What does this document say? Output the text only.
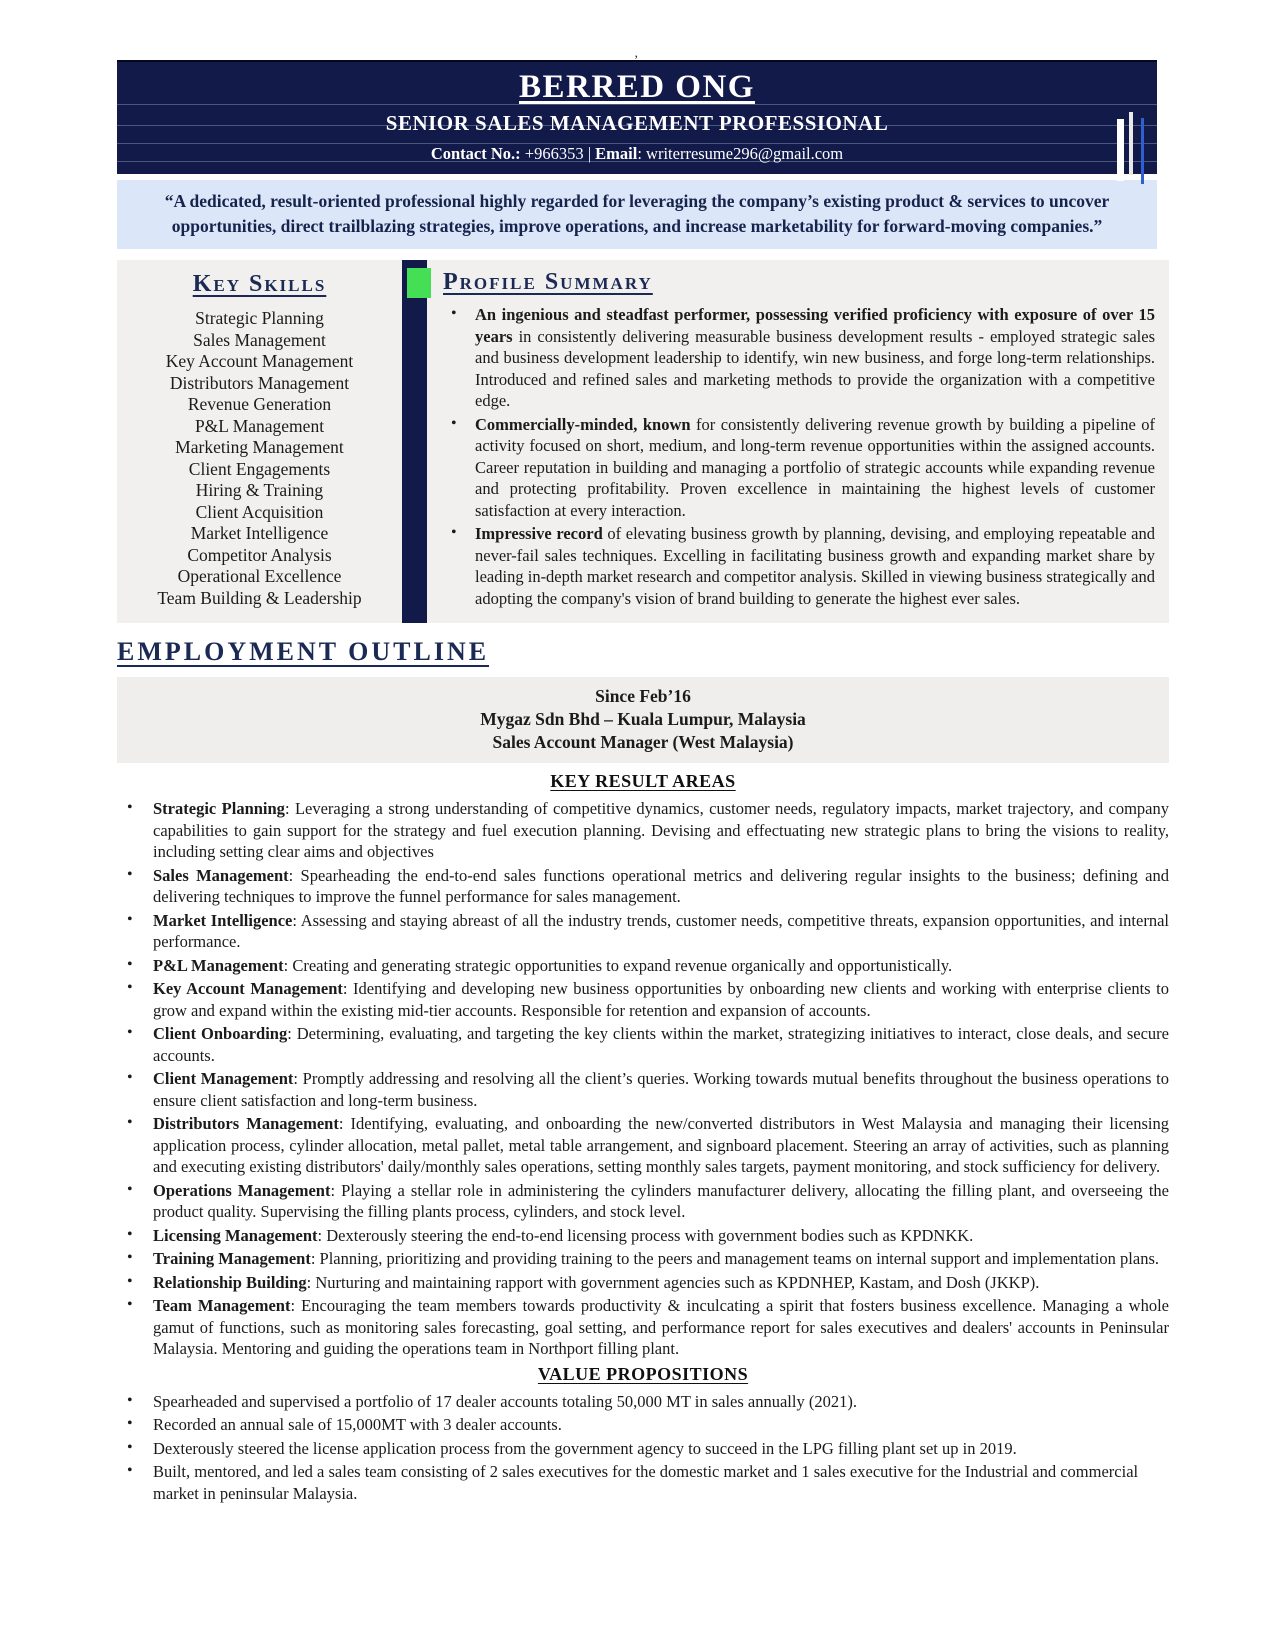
BERRED ONG
SENIOR SALES MANAGEMENT PROFESSIONAL
Contact No.: +966353 | Email: writerresume296@gmail.com
“A dedicated, result-oriented professional highly regarded for leveraging the company’s existing product & services to uncover opportunities, direct trailblazing strategies, improve operations, and increase marketability for forward-moving companies.”
Key Skills
Strategic Planning
Sales Management
Key Account Management
Distributors Management
Revenue Generation
P&L Management
Marketing Management
Client Engagements
Hiring & Training
Client Acquisition
Market Intelligence
Competitor Analysis
Operational Excellence
Team Building & Leadership
Profile Summary
• An ingenious and steadfast performer, possessing verified proficiency with exposure of over 15 years in consistently delivering measurable business development results - employed strategic sales and business development leadership to identify, win new business, and forge long-term relationships. Introduced and refined sales and marketing methods to provide the organization with a competitive edge.
• Commercially-minded, known for consistently delivering revenue growth by building a pipeline of activity focused on short, medium, and long-term revenue opportunities within the assigned accounts. Career reputation in building and managing a portfolio of strategic accounts while expanding revenue and protecting profitability. Proven excellence in maintaining the highest levels of customer satisfaction at every interaction.
• Impressive record of elevating business growth by planning, devising, and employing repeatable and never-fail sales techniques. Excelling in facilitating business growth and expanding market share by leading in-depth market research and competitor analysis. Skilled in viewing business strategically and adopting the company's vision of brand building to generate the highest ever sales.
EMPLOYMENT OUTLINE
Since Feb’16
Mygaz Sdn Bhd – Kuala Lumpur, Malaysia
Sales Account Manager (West Malaysia)
KEY RESULT AREAS
• Strategic Planning: Leveraging a strong understanding of competitive dynamics, customer needs, regulatory impacts, market trajectory, and company capabilities to gain support for the strategy and fuel execution planning. Devising and effectuating new strategic plans to bring the visions to reality, including setting clear aims and objectives
• Sales Management: Spearheading the end-to-end sales functions operational metrics and delivering regular insights to the business; defining and delivering techniques to improve the funnel performance for sales management.
• Market Intelligence: Assessing and staying abreast of all the industry trends, customer needs, competitive threats, expansion opportunities, and internal performance.
• P&L Management: Creating and generating strategic opportunities to expand revenue organically and opportunistically.
• Key Account Management: Identifying and developing new business opportunities by onboarding new clients and working with enterprise clients to grow and expand within the existing mid-tier accounts. Responsible for retention and expansion of accounts.
• Client Onboarding: Determining, evaluating, and targeting the key clients within the market, strategizing initiatives to interact, close deals, and secure accounts.
• Client Management: Promptly addressing and resolving all the client’s queries. Working towards mutual benefits throughout the business operations to ensure client satisfaction and long-term business.
• Distributors Management: Identifying, evaluating, and onboarding the new/converted distributors in West Malaysia and managing their licensing application process, cylinder allocation, metal pallet, metal table arrangement, and signboard placement. Steering an array of activities, such as planning and executing existing distributors' daily/monthly sales operations, setting monthly sales targets, payment monitoring, and stock sufficiency for delivery.
• Operations Management: Playing a stellar role in administering the cylinders manufacturer delivery, allocating the filling plant, and overseeing the product quality. Supervising the filling plants process, cylinders, and stock level.
• Licensing Management: Dexterously steering the end-to-end licensing process with government bodies such as KPDNKK.
• Training Management: Planning, prioritizing and providing training to the peers and management teams on internal support and implementation plans.
• Relationship Building: Nurturing and maintaining rapport with government agencies such as KPDNHEP, Kastam, and Dosh (JKKP).
• Team Management: Encouraging the team members towards productivity & inculcating a spirit that fosters business excellence. Managing a whole gamut of functions, such as monitoring sales forecasting, goal setting, and performance report for sales executives and dealers' accounts in Peninsular Malaysia. Mentoring and guiding the operations team in Northport filling plant.
VALUE PROPOSITIONS
• Spearheaded and supervised a portfolio of 17 dealer accounts totaling 50,000 MT in sales annually (2021).
• Recorded an annual sale of 15,000MT with 3 dealer accounts.
• Dexterously steered the license application process from the government agency to succeed in the LPG filling plant set up in 2019.
• Built, mentored, and led a sales team consisting of 2 sales executives for the domestic market and 1 sales executive for the Industrial and commercial market in peninsular Malaysia.
